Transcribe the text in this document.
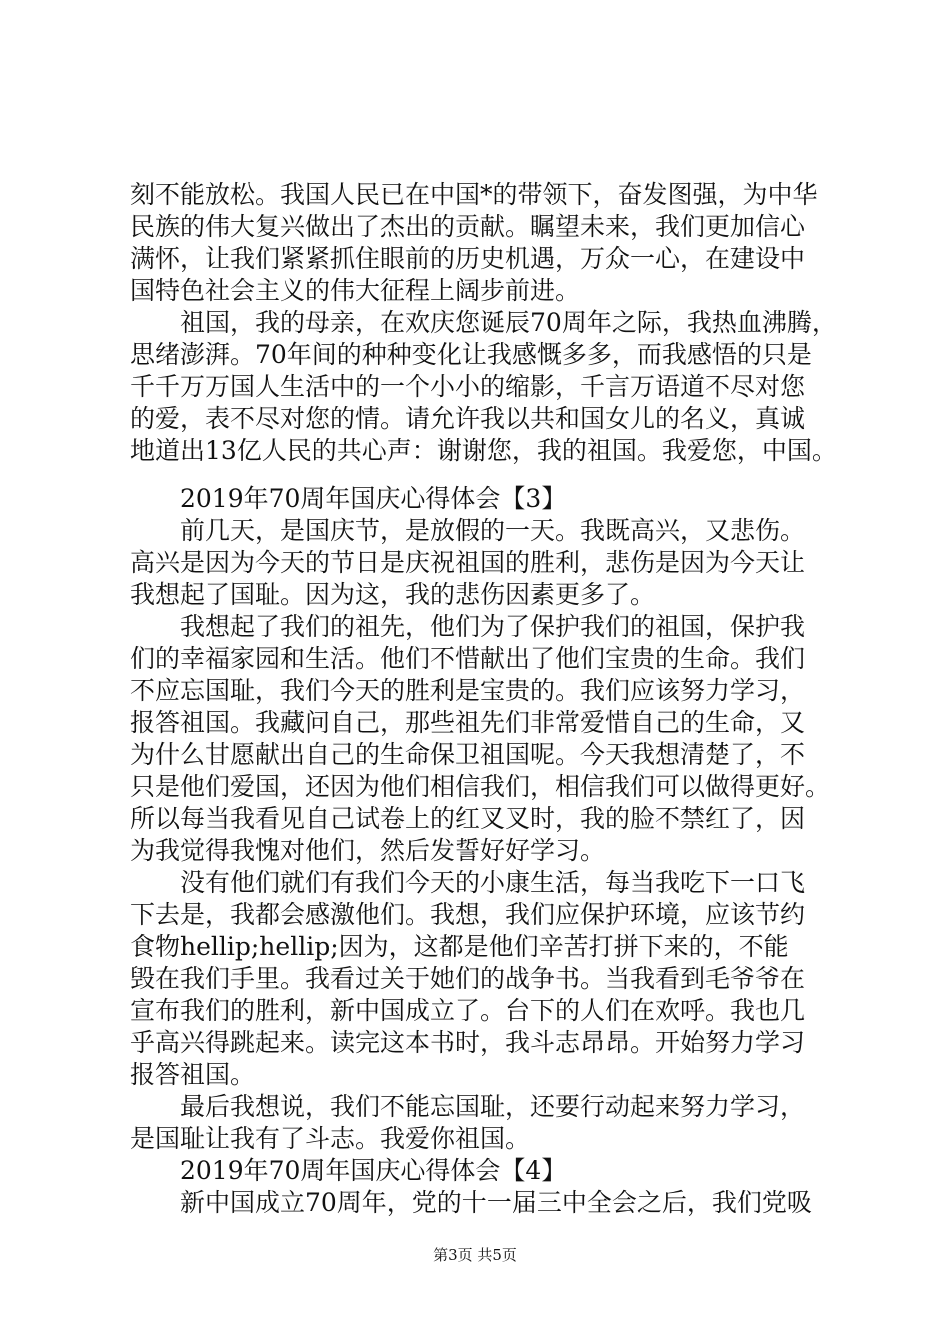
刻不能放松。我国人民已在中国*的带领下，奋发图强，为中华
民族的伟大复兴做出了杰出的贡献。瞩望未来，我们更加信心
满怀，让我们紧紧抓住眼前的历史机遇，万众一心，在建设中
国特色社会主义的伟大征程上阔步前进。
祖国，我的母亲，在欢庆您诞辰70周年之际，我热血沸腾，
思绪澎湃。70年间的种种变化让我感慨多多，而我感悟的只是
千千万万国人生活中的一个小小的缩影，千言万语道不尽对您
的爱，表不尽对您的情。请允许我以共和国女儿的名义，真诚
地道出13亿人民的共心声：谢谢您，我的祖国。我爱您，中国。
2019年70周年国庆心得体会【3】
前几天，是国庆节，是放假的一天。我既高兴，又悲伤。
高兴是因为今天的节日是庆祝祖国的胜利，悲伤是因为今天让
我想起了国耻。因为这，我的悲伤因素更多了。
我想起了我们的祖先，他们为了保护我们的祖国，保护我
们的幸福家园和生活。他们不惜献出了他们宝贵的生命。我们
不应忘国耻，我们今天的胜利是宝贵的。我们应该努力学习，
报答祖国。我藏问自己，那些祖先们非常爱惜自己的生命，又
为什么甘愿献出自己的生命保卫祖国呢。今天我想清楚了，不
只是他们爱国，还因为他们相信我们，相信我们可以做得更好。
所以每当我看见自己试卷上的红叉叉时，我的脸不禁红了，因
为我觉得我愧对他们，然后发誓好好学习。
没有他们就们有我们今天的小康生活，每当我吃下一口飞
下去是，我都会感激他们。我想，我们应保护环境，应该节约
食物hellip;hellip;因为，这都是他们辛苦打拼下来的，不能
毁在我们手里。我看过关于她们的战争书。当我看到毛爷爷在
宣布我们的胜利，新中国成立了。台下的人们在欢呼。我也几
乎高兴得跳起来。读完这本书时，我斗志昂昂。开始努力学习
报答祖国。
最后我想说，我们不能忘国耻，还要行动起来努力学习，
是国耻让我有了斗志。我爱你祖国。
2019年70周年国庆心得体会【4】
新中国成立70周年，党的十一届三中全会之后，我们党吸
第3页 共5页
